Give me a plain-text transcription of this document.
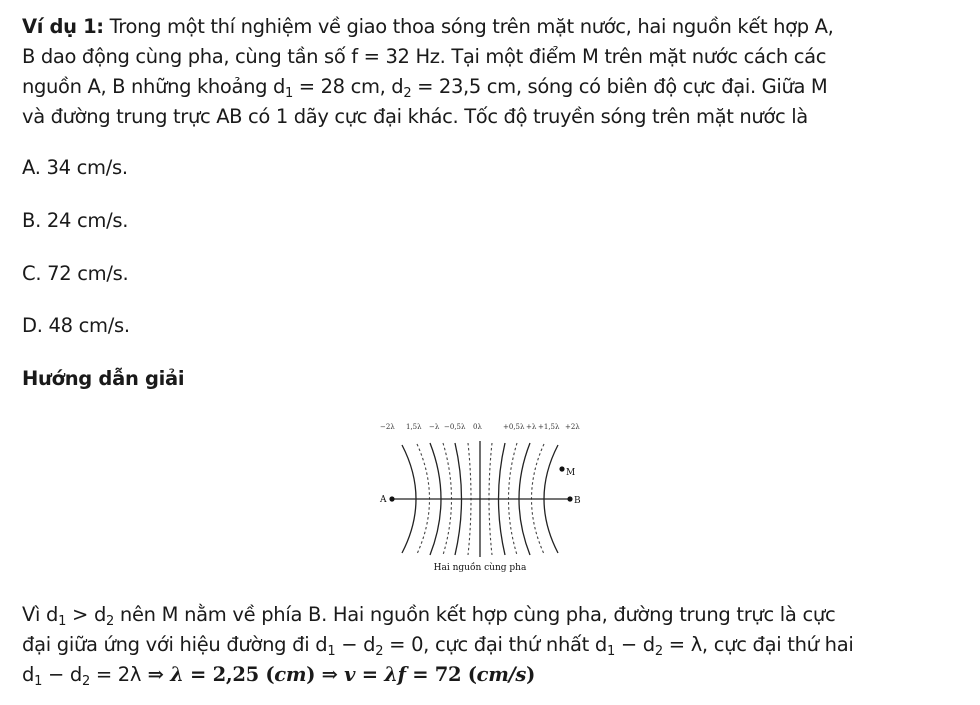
Ví dụ 1: Trong một thí nghiệm về giao thoa sóng trên mặt nước, hai nguồn kết hợp A,
B dao động cùng pha, cùng tần số f = 32 Hz. Tại một điểm M trên mặt nước cách các
nguồn A, B những khoảng $d_1 = 28$ cm, $d_2 = 23,5$ cm, sóng có biên độ cực đại. Giữa M
và đường trung trực AB có 1 dãy cực đại khác. Tốc độ truyền sóng trên mặt nước là

A. 34 cm/s.

B. 24 cm/s.

C. 72 cm/s.

D. 48 cm/s.

Hướng dẫn giải

−2λ 1,5λ −λ −0,5λ 0λ	+0,5λ +λ +1,5λ +2λ
A	B
M
Hai nguồn cùng pha

Vì $d_1 > d_2$ nên M nằm về phía B. Hai nguồn kết hợp cùng pha, đường trung trực là cực
đại giữa ứng với hiệu đường đi $d_1 - d_2 = 0$, cực đại thứ nhất $d_1 - d_2 = \lambda$, cực đại thứ hai
$d_1 - d_2 = 2\lambda$ ⇒ λ = 2,25 (cm) ⇒ v = λf = 72 (cm/s)
